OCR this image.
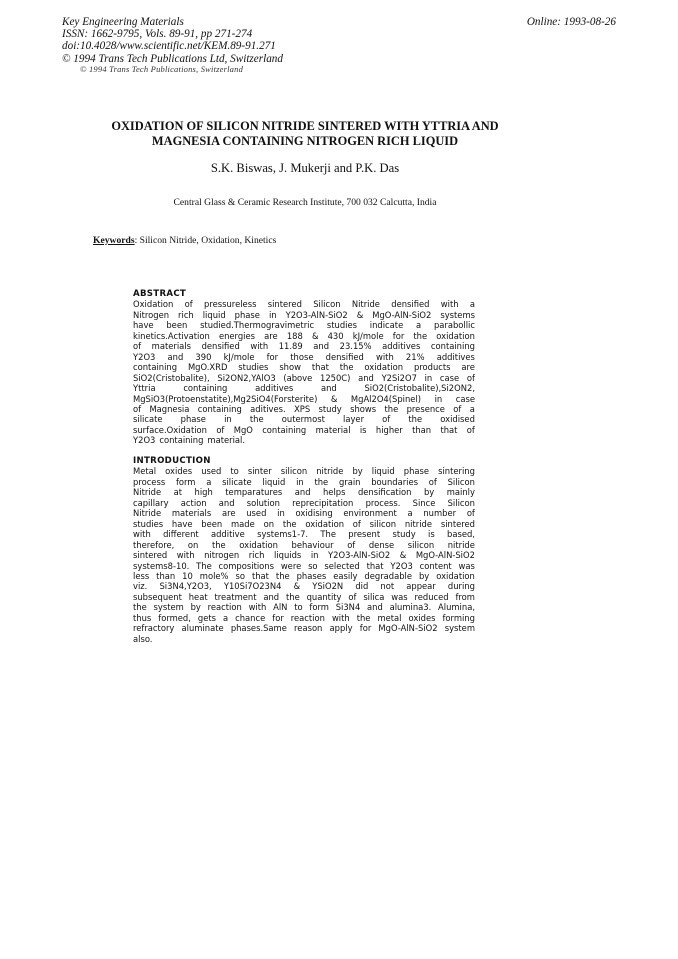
Key Engineering Materials
ISSN: 1662-9795, Vols. 89-91, pp 271-274
doi:10.4028/www.scientific.net/KEM.89-91.271
© 1994 Trans Tech Publications Ltd, Switzerland
Online: 1993-08-26
© 1994 Trans Tech Publications, Switzerland
OXIDATION OF SILICON NITRIDE SINTERED WITH YTTRIA AND
MAGNESIA CONTAINING NITROGEN RICH LIQUID
S.K. Biswas, J. Mukerji and P.K. Das
Central Glass & Ceramic Research Institute, 700 032 Calcutta, India
Keywords: Silicon Nitride, Oxidation, Kinetics
ABSTRACT
Oxidation of pressureless sintered Silicon Nitride densified with a
Nitrogen rich liquid phase in Y2O3-AlN-SiO2 & MgO-AlN-SiO2 systems
have been studied.Thermogravimetric studies indicate a parabollic
kinetics.Activation energies are 188 & 430 kJ/mole for the oxidation
of materials densified with 11.89 and 23.15% additives containing
Y2O3 and 390 kJ/mole for those densified with 21% additives
containing MgO.XRD studies show that the oxidation products are
SiO2(Cristobalite), Si2ON2,YAlO3 (above 1250C) and Y2Si2O7 in case of
Yttria	containing	additives	and	SiO2(Cristobalite),Si2ON2,
MgSiO3(Protoenstatite),Mg2SiO4(Forsterite) & MgAl2O4(Spinel) in case
of Magnesia containing aditives. XPS study shows the presence of a
silicate phase in the outermost layer of the oxidised
surface.Oxidation of MgO containing material is higher than that of
Y2O3 containing material.
INTRODUCTION
Metal oxides used to sinter silicon nitride by liquid phase sintering
process form a silicate liquid in the grain boundaries of Silicon
Nitride at high temparatures and helps densification by mainly
capillary action and solution reprecipitation process. Since Silicon
Nitride materials are used in oxidising environment a number of
studies have been made on the oxidation of silicon nitride sintered
with different additive systems1-7. The present study is based,
therefore, on the oxidation behaviour of dense silicon nitride
sintered with nitrogen rich liquids in Y2O3-AlN-SiO2 & MgO-AlN-SiO2
systems8-10. The compositions were so selected that Y2O3 content was
less than 10 mole% so that the phases easily degradable by oxidation
viz. Si3N4,Y2O3, Y10Si7O23N4 & YSiO2N did not appear during
subsequent heat treatment and the quantity of silica was reduced from
the system by reaction with AlN to form Si3N4 and alumina3. Alumina,
thus formed, gets a chance for reaction with the metal oxides forming
refractory aluminate phases.Same reason apply for MgO-AlN-SiO2 system
also.
